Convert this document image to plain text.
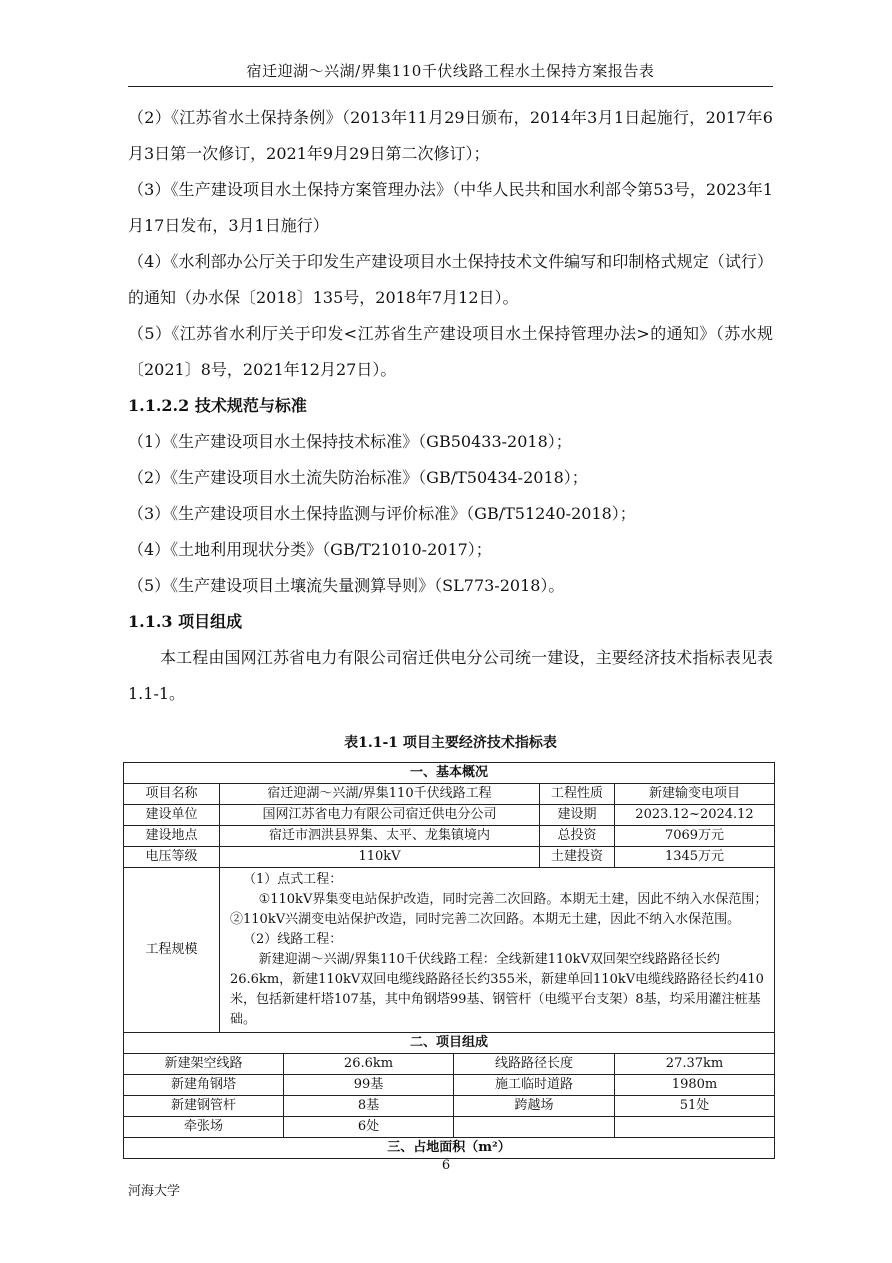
宿迁迎湖～兴湖/界集110千伏线路工程水土保持方案报告表

（2）《江苏省水土保持条例》（2013年11月29日颁布，2014年3月1日起施行，2017年6月3日第一次修订，2021年9月29日第二次修订）；

（3）《生产建设项目水土保持方案管理办法》（中华人民共和国水利部令第53号，2023年1月17日发布，3月1日施行）

（4）《水利部办公厅关于印发生产建设项目水土保持技术文件编写和印制格式规定（试行）的通知（办水保〔2018〕135号，2018年7月12日）。

（5）《江苏省水利厅关于印发<江苏省生产建设项目水土保持管理办法>的通知》（苏水规〔2021〕8号，2021年12月27日）。

1.1.2.2 技术规范与标准

（1）《生产建设项目水土保持技术标准》（GB50433-2018）；

（2）《生产建设项目水土流失防治标准》（GB/T50434-2018）；

（3）《生产建设项目水土保持监测与评价标准》（GB/T51240-2018）；

（4）《土地利用现状分类》（GB/T21010-2017）；

（5）《生产建设项目土壤流失量测算导则》（SL773-2018）。

1.1.3 项目组成

本工程由国网江苏省电力有限公司宿迁供电分公司统一建设，主要经济技术指标表见表1.1-1。

表1.1-1 项目主要经济技术指标表
一、基本概况					
项目名称	宿迁迎湖～兴湖/界集110千伏线路工程			工程性质	新建输变电项目
建设单位	国网江苏省电力有限公司宿迁供电分公司			建设期	2023.12~2024.12
建设地点	宿迁市泗洪县界集、太平、龙集镇境内			总投资	7069万元
电压等级	110kV			土建投资	1345万元
工程规模	（1）点式工程：

①110kV界集变电站保护改造，同时完善二次回路。本期无土建，因此不纳入水保范围；②110kV兴湖变电站保护改造，同时完善二次回路。本期无土建，因此不纳入水保范围。

（2）线路工程：

新建迎湖～兴湖/界集110千伏线路工程：全线新建110kV双回架空线路路径长约26.6km，新建110kV双回电缆线路路径长约355米，新建单回110kV电缆线路路径长约410米，包括新建杆塔107基，其中角钢塔99基、钢管杆（电缆平台支架）8基，均采用灌注桩基础。				

二、项目组成					
新建架空线路		26.6km	线路路径长度		27.37km
新建角钢塔		99基	施工临时道路		1980m
新建钢管杆		8基	跨越场		51处
牵张场		6处			
三、占地面积（m²）					
6
河海大学
